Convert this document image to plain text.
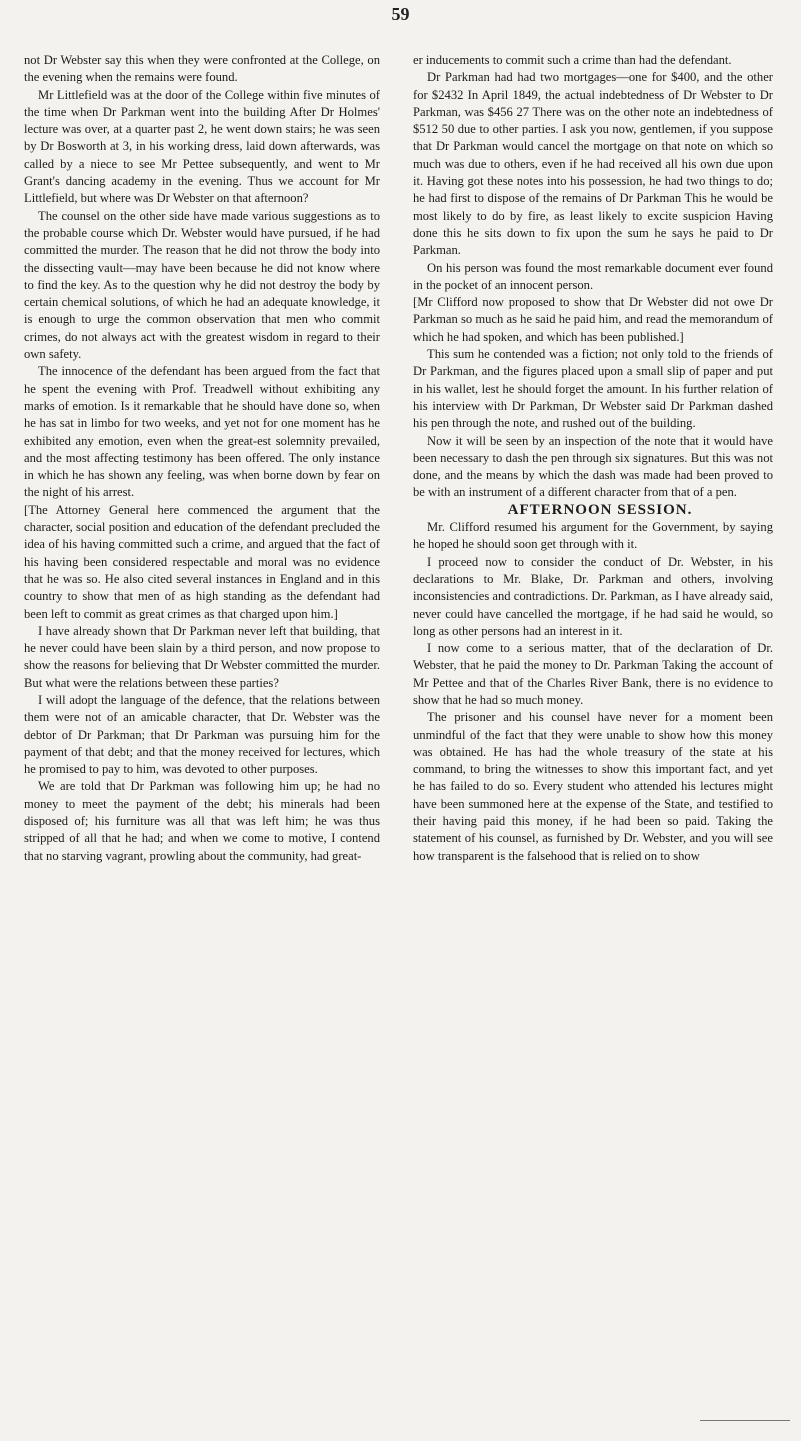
59

not Dr Webster say this when they were confronted at the College, on the evening when the remains were found.

Mr Littlefield was at the door of the College within five minutes of the time when Dr Parkman went into the building After Dr Holmes' lecture was over, at a quarter past 2, he went down stairs; he was seen by Dr Bosworth at 3, in his working dress, laid down afterwards, was called by a niece to see Mr Pettee subsequently, and went to Mr Grant's dancing academy in the evening. Thus we account for Mr Littlefield, but where was Dr Webster on that afternoon?

The counsel on the other side have made various suggestions as to the probable course which Dr. Webster would have pursued, if he had committed the murder. The reason that he did not throw the body into the dissecting vault—may have been because he did not know where to find the key. As to the question why he did not destroy the body by certain chemical solutions, of which he had an adequate knowledge, it is enough to urge the common observation that men who commit crimes, do not always act with the greatest wisdom in regard to their own safety.

The innocence of the defendant has been argued from the fact that he spent the evening with Prof. Treadwell without exhibiting any marks of emotion. Is it remarkable that he should have done so, when he has sat in limbo for two weeks, and yet not for one moment has he exhibited any emotion, even when the great-est solemnity prevailed, and the most affecting testimony has been offered. The only instance in which he has shown any feeling, was when borne down by fear on the night of his arrest.

[The Attorney General here commenced the argument that the character, social position and education of the defendant precluded the idea of his having committed such a crime, and argued that the fact of his having been considered respectable and moral was no evidence that he was so. He also cited several instances in England and in this country to show that men of as high standing as the defendant had been left to commit as great crimes as that charged upon him.]

I have already shown that Dr Parkman never left that building, that he never could have been slain by a third person, and now propose to show the reasons for believing that Dr Webster committed the murder. But what were the relations between these parties?

I will adopt the language of the defence, that the relations between them were not of an amicable character, that Dr. Webster was the debtor of Dr Parkman; that Dr Parkman was pursuing him for the payment of that debt; and that the money received for lectures, which he promised to pay to him, was devoted to other purposes.

We are told that Dr Parkman was following him up; he had no money to meet the payment of the debt; his minerals had been disposed of; his furniture was all that was left him; he was thus stripped of all that he had; and when we come to motive, I contend that no starving vagrant, prowling about the community, had great-

er inducements to commit such a crime than had the defendant.

Dr Parkman had had two mortgages—one for $400, and the other for $2432 In April 1849, the actual indebtedness of Dr Webster to Dr Parkman, was $456 27 There was on the other note an indebtedness of $512 50 due to other parties. I ask you now, gentlemen, if you suppose that Dr Parkman would cancel the mortgage on that note on which so much was due to others, even if he had received all his own due upon it. Having got these notes into his possession, he had two things to do; he had first to dispose of the remains of Dr Parkman This he would be most likely to do by fire, as least likely to excite suspicion Having done this he sits down to fix upon the sum he says he paid to Dr Parkman.

On his person was found the most remarkable document ever found in the pocket of an innocent person.

[Mr Clifford now proposed to show that Dr Webster did not owe Dr Parkman so much as he said he paid him, and read the memorandum of which he had spoken, and which has been published.]

This sum he contended was a fiction; not only told to the friends of Dr Parkman, and the figures placed upon a small slip of paper and put in his wallet, lest he should forget the amount. In his further relation of his interview with Dr Parkman, Dr Webster said Dr Parkman dashed his pen through the note, and rushed out of the building.

Now it will be seen by an inspection of the note that it would have been necessary to dash the pen through six signatures. But this was not done, and the means by which the dash was made had been proved to be with an instrument of a different character from that of a pen.

AFTERNOON SESSION.

Mr. Clifford resumed his argument for the Government, by saying he hoped he should soon get through with it.

I proceed now to consider the conduct of Dr. Webster, in his declarations to Mr. Blake, Dr. Parkman and others, involving inconsistencies and contradictions. Dr. Parkman, as I have already said, never could have cancelled the mortgage, if he had said he would, so long as other persons had an interest in it.

I now come to a serious matter, that of the declaration of Dr. Webster, that he paid the money to Dr. Parkman Taking the account of Mr Pettee and that of the Charles River Bank, there is no evidence to show that he had so much money.

The prisoner and his counsel have never for a moment been unmindful of the fact that they were unable to show how this money was obtained. He has had the whole treasury of the state at his command, to bring the witnesses to show this important fact, and yet he has failed to do so. Every student who attended his lectures might have been summoned here at the expense of the State, and testified to their having paid this money, if he had been so paid. Taking the statement of his counsel, as furnished by Dr. Webster, and you will see how transparent is the falsehood that is relied on to show
